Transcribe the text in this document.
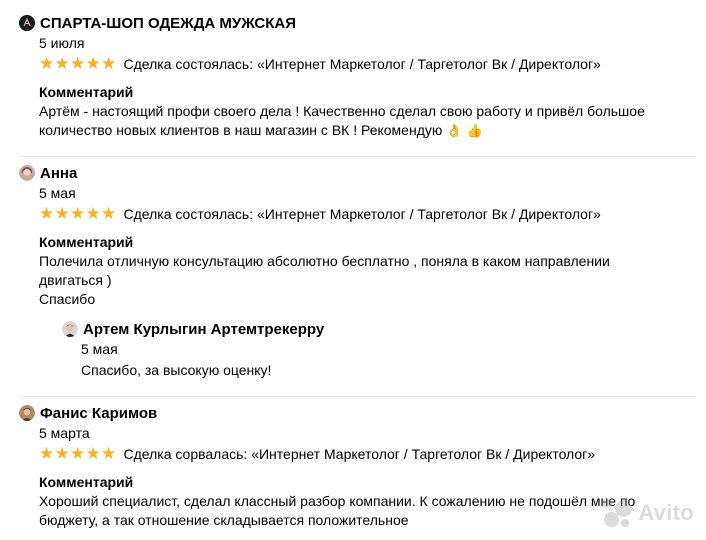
СПАРТА-ШОП ОДЕЖДА МУЖСКАЯ
5 июля
★ ★ ★ ★ ★ Сделка состоялась: «Интернет Маркетолог / Таргетолог Вк / Директолог»
Комментарий
Артём - настоящий профи своего дела ! Качественно сделал свою работу и привёл большое количество новых клиентов в наш магазин с ВК ! Рекомендую 👌 👍
Анна
5 мая
★ ★ ★ ★ ★ Сделка состоялась: «Интернет Маркетолог / Таргетолог Вк / Директолог»
Комментарий
Полечила отличную консультацию абсолютно бесплатно , поняла в каком направлении двигаться )
Спасибо
Артем Курлыгин Артемтрекерру
5 мая
Спасибо, за высокую оценку!
Фанис Каримов
5 марта
★ ★ ★ ★ ★ Сделка сорвалась: «Интернет Маркетолог / Таргетолог Вк / Директолог»
Комментарий
Хороший специалист, сделал классный разбор компании. К сожалению не подошёл мне по бюджету, а так отношение складывается положительное	Avito
